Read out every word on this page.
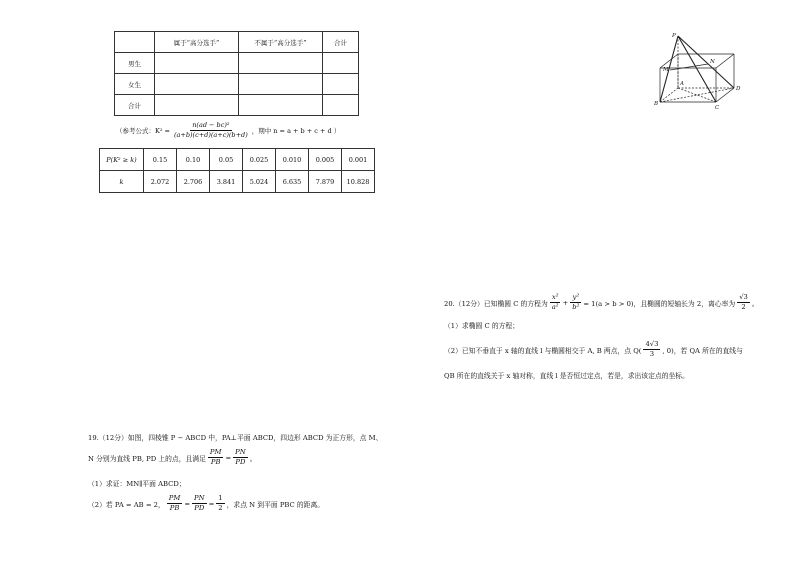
	属于“高分选手”	不属于“高分选手”	合计
男生			
女生			
合计			
（参考公式：$K^2 = \frac{\text{n(ad − bc)²}}{(a+b)(c+d)(a+c)(b+d)}$ ，期中 n = a + b + c + d ）
P(K² ≥ k)	0.15	0.10	0.05	0.025	0.010	0.005	0.001
k	2.072	2.706	3.841	5.024	6.635	7.879	10.828
P
M
N
A
B
C
D
20.（12分）已知椭圆 C 的方程为 $\frac{\text{x²}}{\text{a²}} + \frac{\text{y²}}{\text{b²}} = 1(a > b > 0)$，且椭圆的短轴长为 2，离心率为 $\frac{√3}{2}$ 。
（1）求椭圆 C 的方程；
（2）已知不垂直于 x 轴的直线 l 与椭圆相交于 A, B 两点，点 $Q( \frac{4√3}{3}$ , 0)，若 QA 所在的直线与
QB 所在的直线关于 x 轴对称，直线 l 是否恒过定点，若是，求出该定点的坐标。
19.（12分）如图，四棱锥 P − ABCD 中，PA⊥平面 ABCD，四边形 ABCD 为正方形，点 M、
N 分别为直线 PB, PD 上的点，且满足 $\frac{PM}{PB} = \frac{PN}{PD}$ 。
（1）求证：MN∥平面 ABCD；
（2）若 PA = AB = 2， $\frac{PM}{PB} = \frac{PN}{PD} = \frac{1}{2}$ ，求点 N 到平面 PBC 的距离。
